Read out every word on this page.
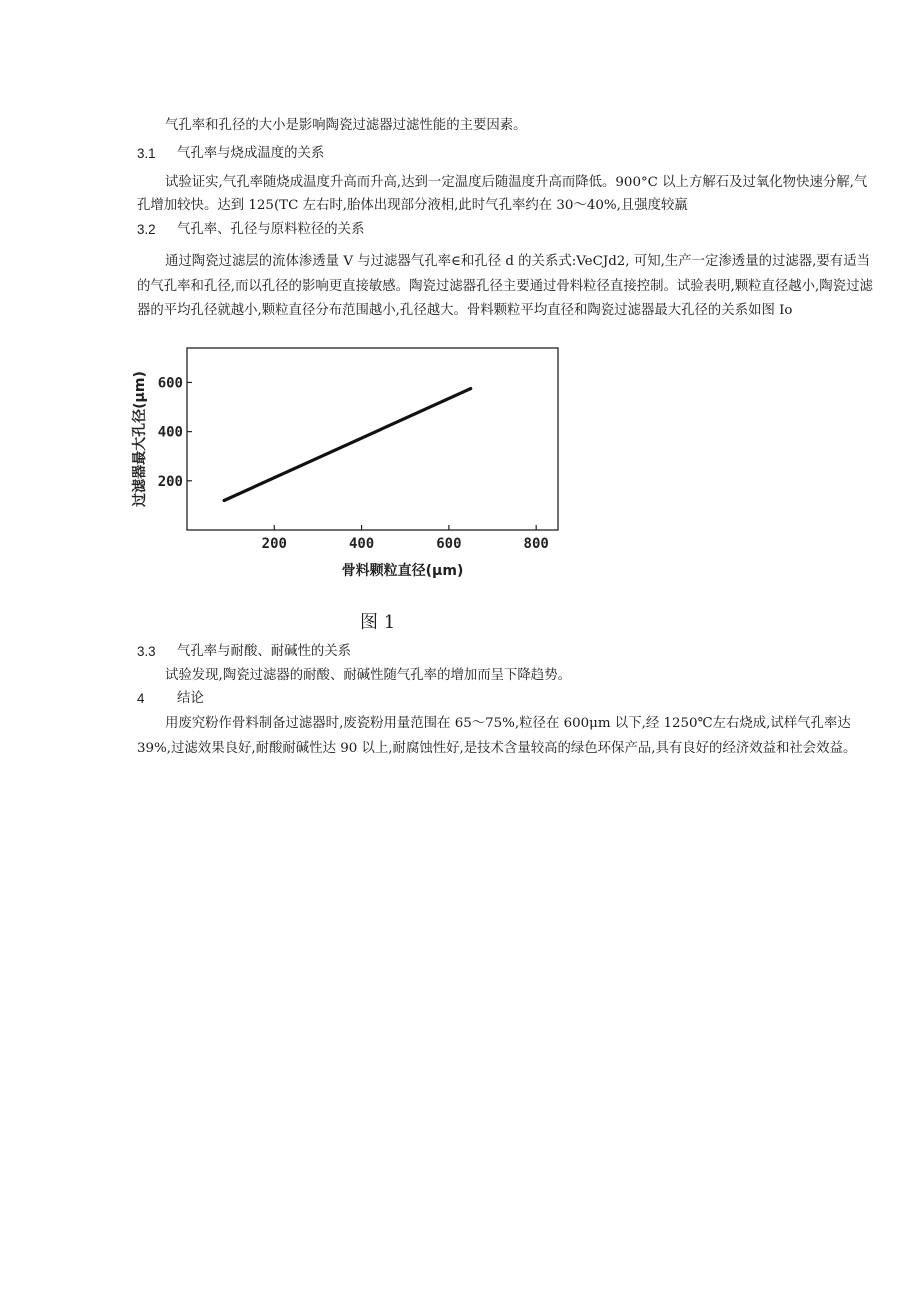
气孔率和孔径的大小是影响陶瓷过滤器过滤性能的主要因素。
3.1 气孔率与烧成温度的关系
试验证实,气孔率随烧成温度升高而升高,达到一定温度后随温度升高而降低。900°C 以上方解石及过氧化物快速分解,气
孔增加较快。达到 125(TC 左右时,胎体出现部分液相,此时气孔率约在 30～40%,且强度较羸
3.2 气孔率、孔径与原料粒径的关系
通过陶瓷过滤层的流体渗透量 V 与过滤器气孔率∈和孔径 d 的关系式:VeCJd2, 可知,生产一定渗透量的过滤器,要有适当
的气孔率和孔径,而以孔径的影响更直接敏感。陶瓷过滤器孔径主要通过骨料粒径直接控制。试验表明,颗粒直径越小,陶瓷过滤
器的平均孔径就越小,颗粒直径分布范围越小,孔径越大。骨料颗粒平均直径和陶瓷过滤器最大孔径的关系如图 Io
200	400	600	800
200
400
600
骨料颗粒直径(μm)
过滤器最大孔径(μm)
图 1
3.3 气孔率与耐酸、耐碱性的关系
试验发现,陶瓷过滤器的耐酸、耐碱性随气孔率的增加而呈下降趋势。
4 结论
用废究粉作骨料制备过滤器时,废瓷粉用量范围在 65～75%,粒径在 600μm 以下,经 1250℃左右烧成,试样气孔率达
39%,过滤效果良好,耐酸耐碱性达 90 以上,耐腐蚀性好,是技术含量较高的绿色环保产品,具有良好的经济效益和社会效益。
